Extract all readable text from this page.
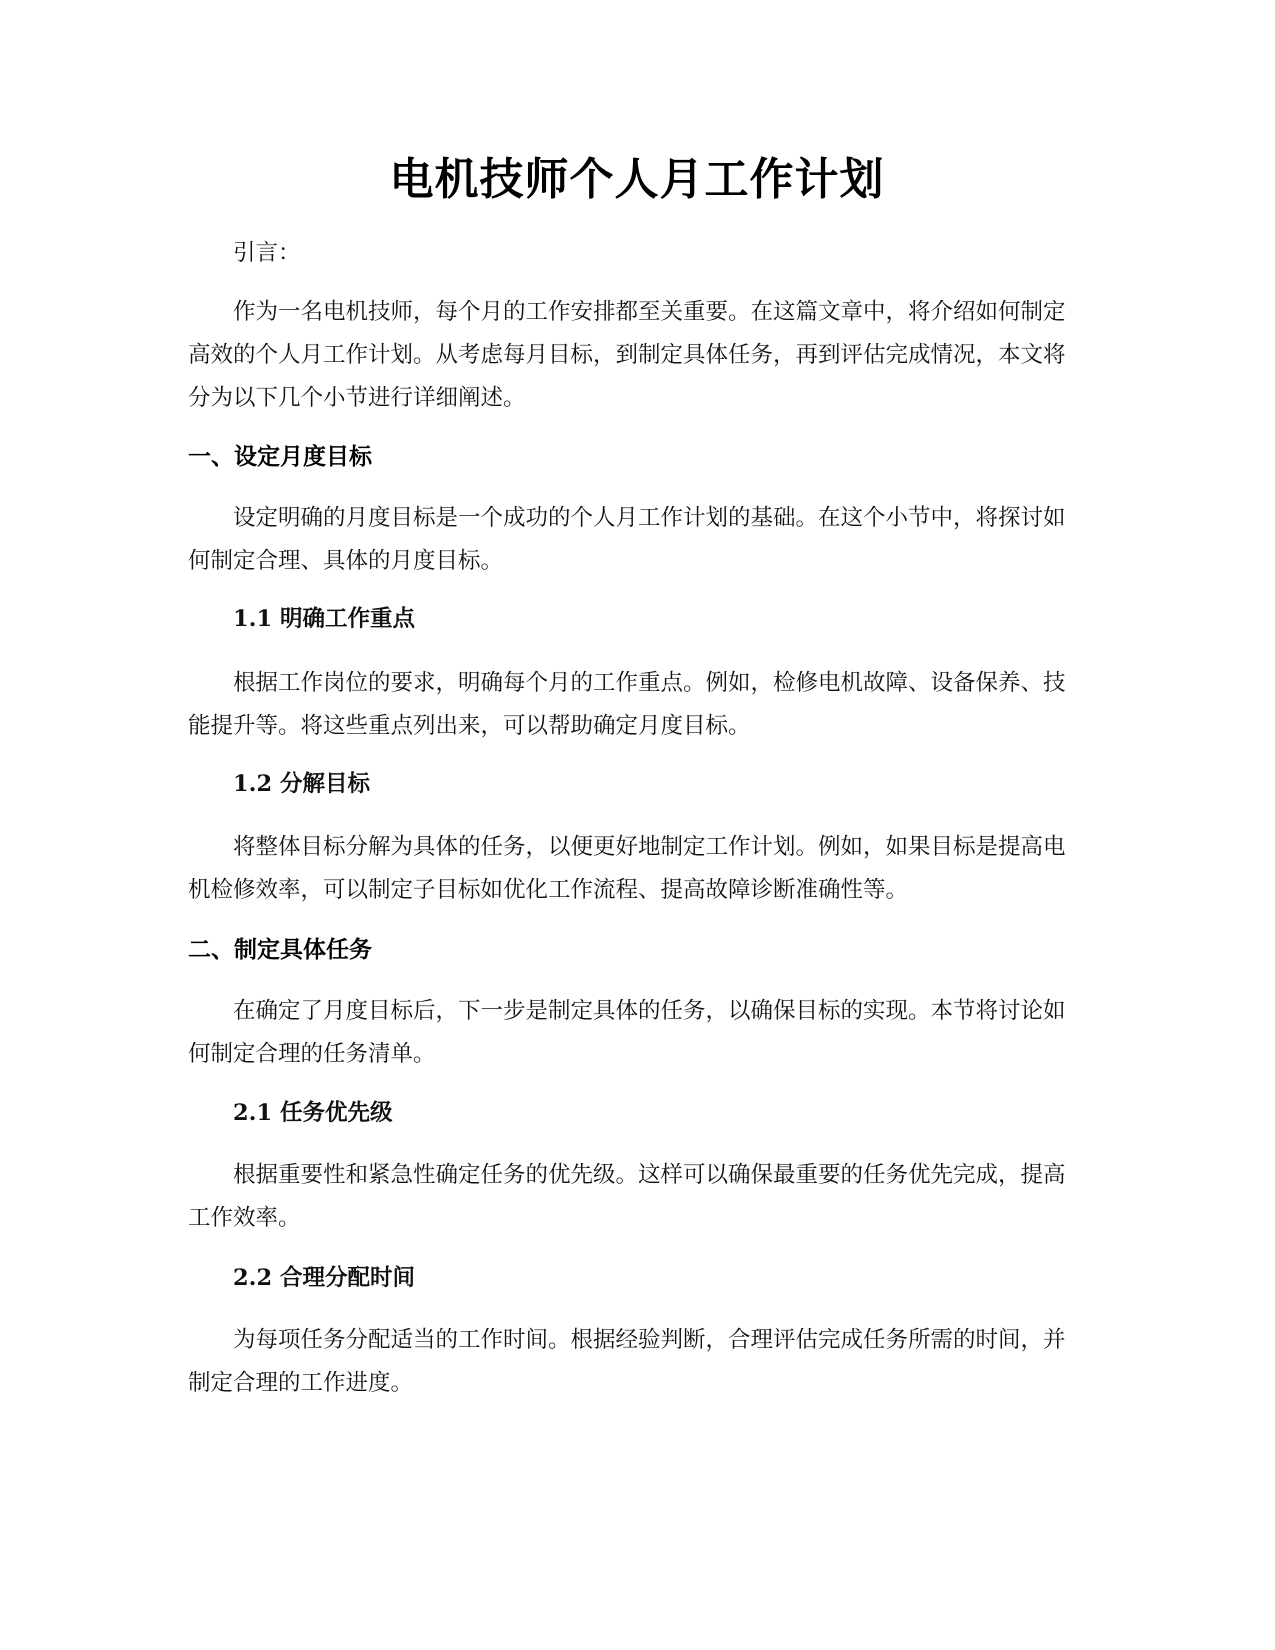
电机技师个人月工作计划

引言：

作为一名电机技师，每个月的工作安排都至关重要。在这篇文章中，将介绍如何制定高效的个人月工作计划。从考虑每月目标，到制定具体任务，再到评估完成情况，本文将分为以下几个小节进行详细阐述。

一、设定月度目标

设定明确的月度目标是一个成功的个人月工作计划的基础。在这个小节中，将探讨如何制定合理、具体的月度目标。

1.1 明确工作重点

根据工作岗位的要求，明确每个月的工作重点。例如，检修电机故障、设备保养、技能提升等。将这些重点列出来，可以帮助确定月度目标。

1.2 分解目标

将整体目标分解为具体的任务，以便更好地制定工作计划。例如，如果目标是提高电机检修效率，可以制定子目标如优化工作流程、提高故障诊断准确性等。

二、制定具体任务

在确定了月度目标后，下一步是制定具体的任务，以确保目标的实现。本节将讨论如何制定合理的任务清单。

2.1 任务优先级

根据重要性和紧急性确定任务的优先级。这样可以确保最重要的任务优先完成，提高工作效率。

2.2 合理分配时间

为每项任务分配适当的工作时间。根据经验判断，合理评估完成任务所需的时间，并制定合理的工作进度。
